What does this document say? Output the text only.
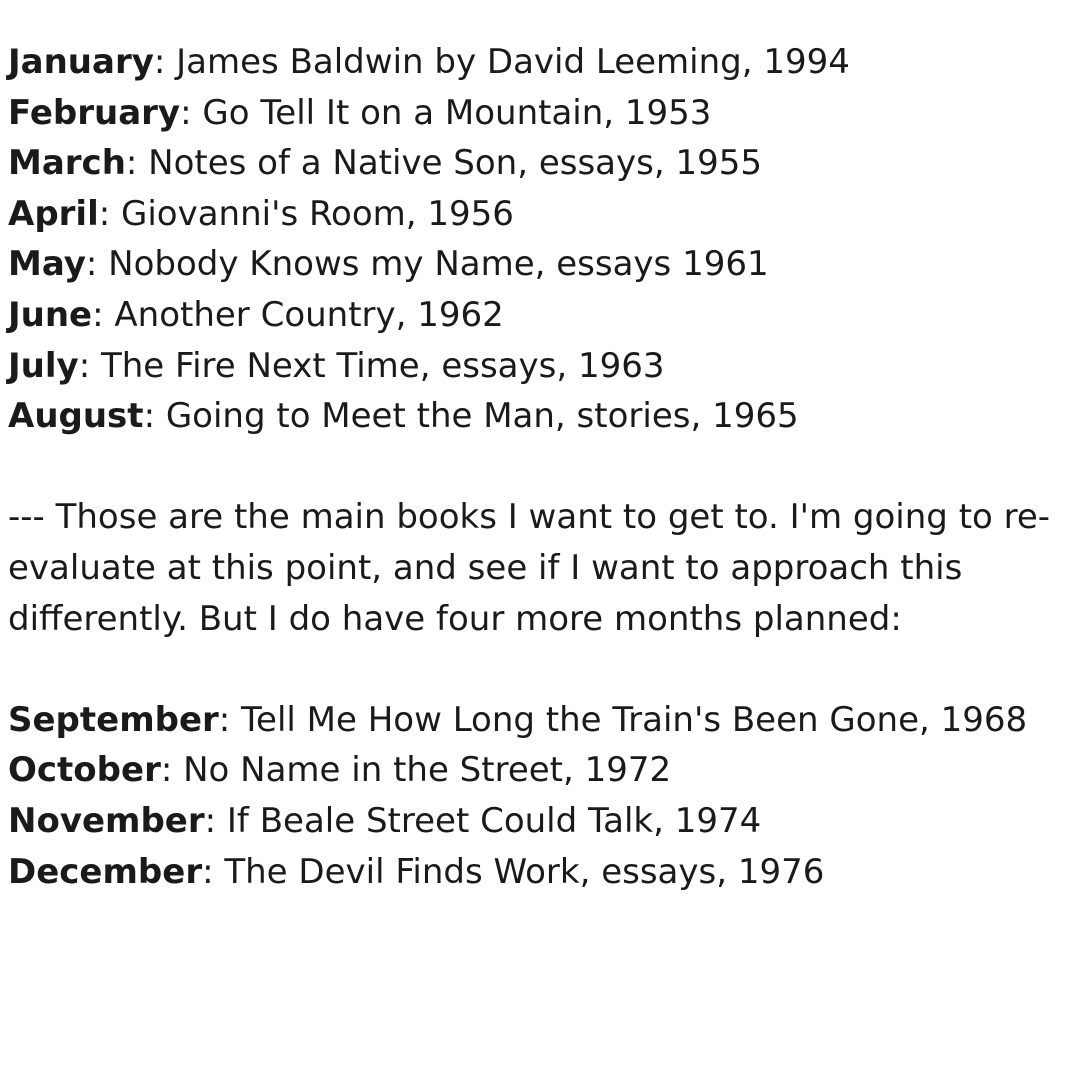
January: James Baldwin by David Leeming, 1994
February: Go Tell It on a Mountain, 1953
March: Notes of a Native Son, essays, 1955
April: Giovanni's Room, 1956
May: Nobody Knows my Name, essays 1961
June: Another Country, 1962
July: The Fire Next Time, essays, 1963
August: Going to Meet the Man, stories, 1965
--- Those are the main books I want to get to. I'm going to re-evaluate at this point, and see if I want to approach this differently. But I do have four more months planned:
September: Tell Me How Long the Train's Been Gone, 1968
October: No Name in the Street, 1972
November: If Beale Street Could Talk, 1974
December: The Devil Finds Work, essays, 1976
